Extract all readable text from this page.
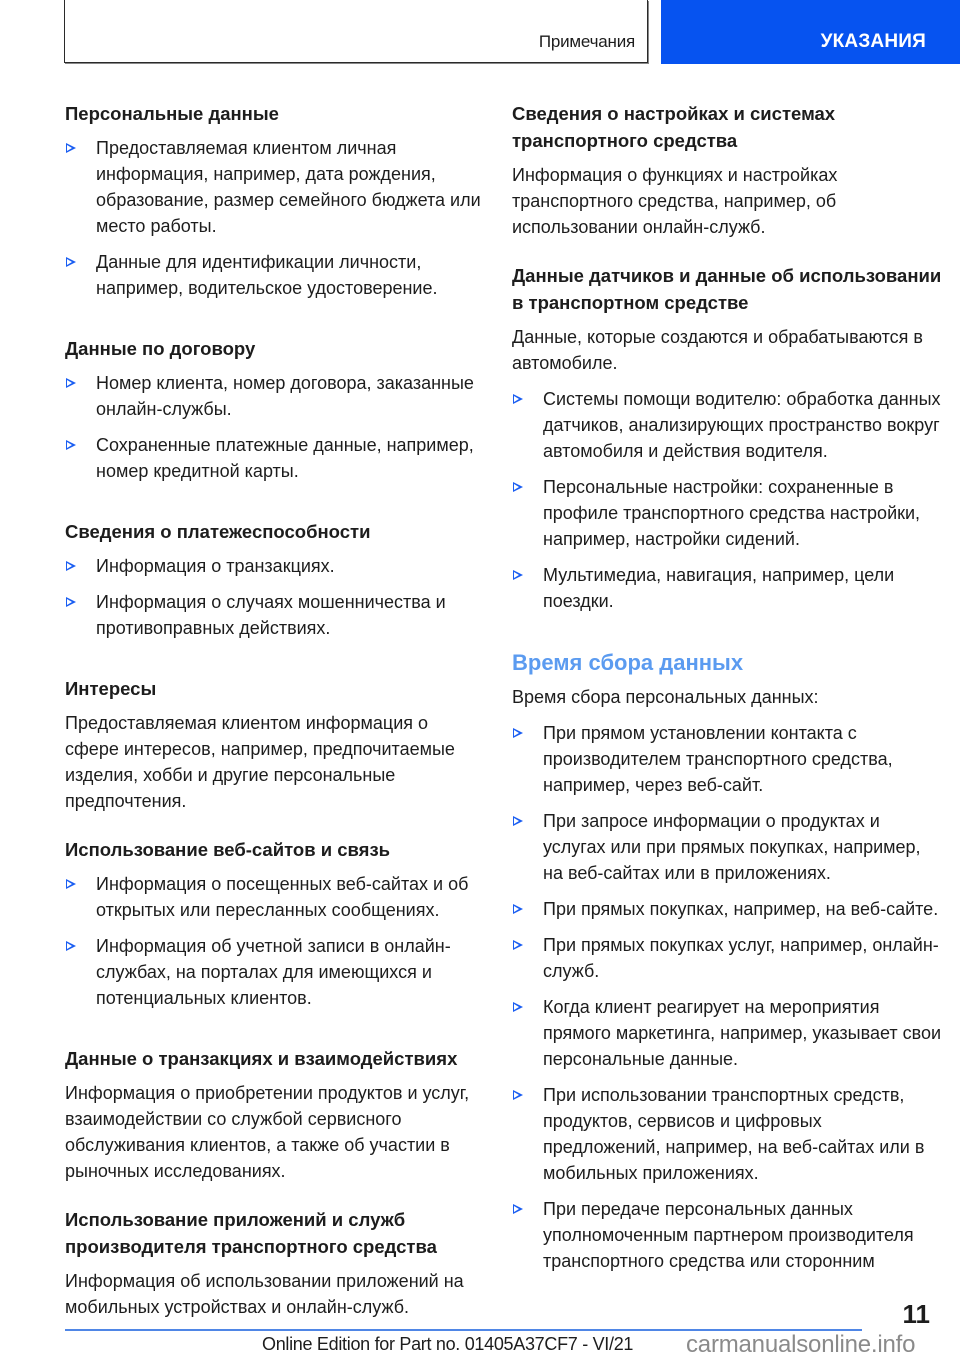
Примечания	УКАЗАНИЯ
Персональные данные
Предоставляемая клиентом личная информация, например, дата рождения, образование, размер семейного бюджета или место работы.
Данные для идентификации личности, например, водительское удостоверение.
Данные по договору
Номер клиента, номер договора, заказанные онлайн-службы.
Сохраненные платежные данные, например, номер кредитной карты.
Сведения о платежеспособности
Информация о транзакциях.
Информация о случаях мошенничества и противоправных действиях.
Интересы

Предоставляемая клиентом информация о сфере интересов, например, предпочитаемые изделия, хобби и другие персональные предпочтения.

Использование веб-сайтов и связь
Информация о посещенных веб-сайтах и об открытых или пересланных сообщениях.
Информация об учетной записи в онлайн-службах, на порталах для имеющихся и потенциальных клиентов.
Данные о транзакциях и взаимодействиях

Информация о приобретении продуктов и услуг, взаимодействии со службой сервисного обслуживания клиентов, а также об участии в рыночных исследованиях.

Использование приложений и служб производителя транспортного средства

Информация об использовании приложений на мобильных устройствах и онлайн-служб.

Сведения о настройках и системах транспортного средства

Информация о функциях и настройках транспортного средства, например, об использовании онлайн-служб.

Данные датчиков и данные об использовании в транспортном средстве

Данные, которые создаются и обрабатываются в автомобиле.

Системы помощи водителю: обработка данных датчиков, анализирующих пространство вокруг автомобиля и действия водителя.
Персональные настройки: сохраненные в профиле транспортного средства настройки, например, настройки сидений.
Мультимедиа, навигация, например, цели поездки.
Время сбора данных

Время сбора персональных данных:

При прямом установлении контакта с производителем транспортного средства, например, через веб-сайт.
При запросе информации о продуктах и услугах или при прямых покупках, например, на веб-сайтах или в приложениях.
При прямых покупках, например, на веб-сайте.
При прямых покупках услуг, например, онлайн-служб.
Когда клиент реагирует на мероприятия прямого маркетинга, например, указывает свои персональные данные.
При использовании транспортных средств, продуктов, сервисов и цифровых предложений, например, на веб-сайтах или в мобильных приложениях.
При передаче персональных данных уполномоченным партнером производителя транспортного средства или сторонним
11
Online Edition for Part no. 01405A37CF7 - VI/21 carmanualsonline.info
